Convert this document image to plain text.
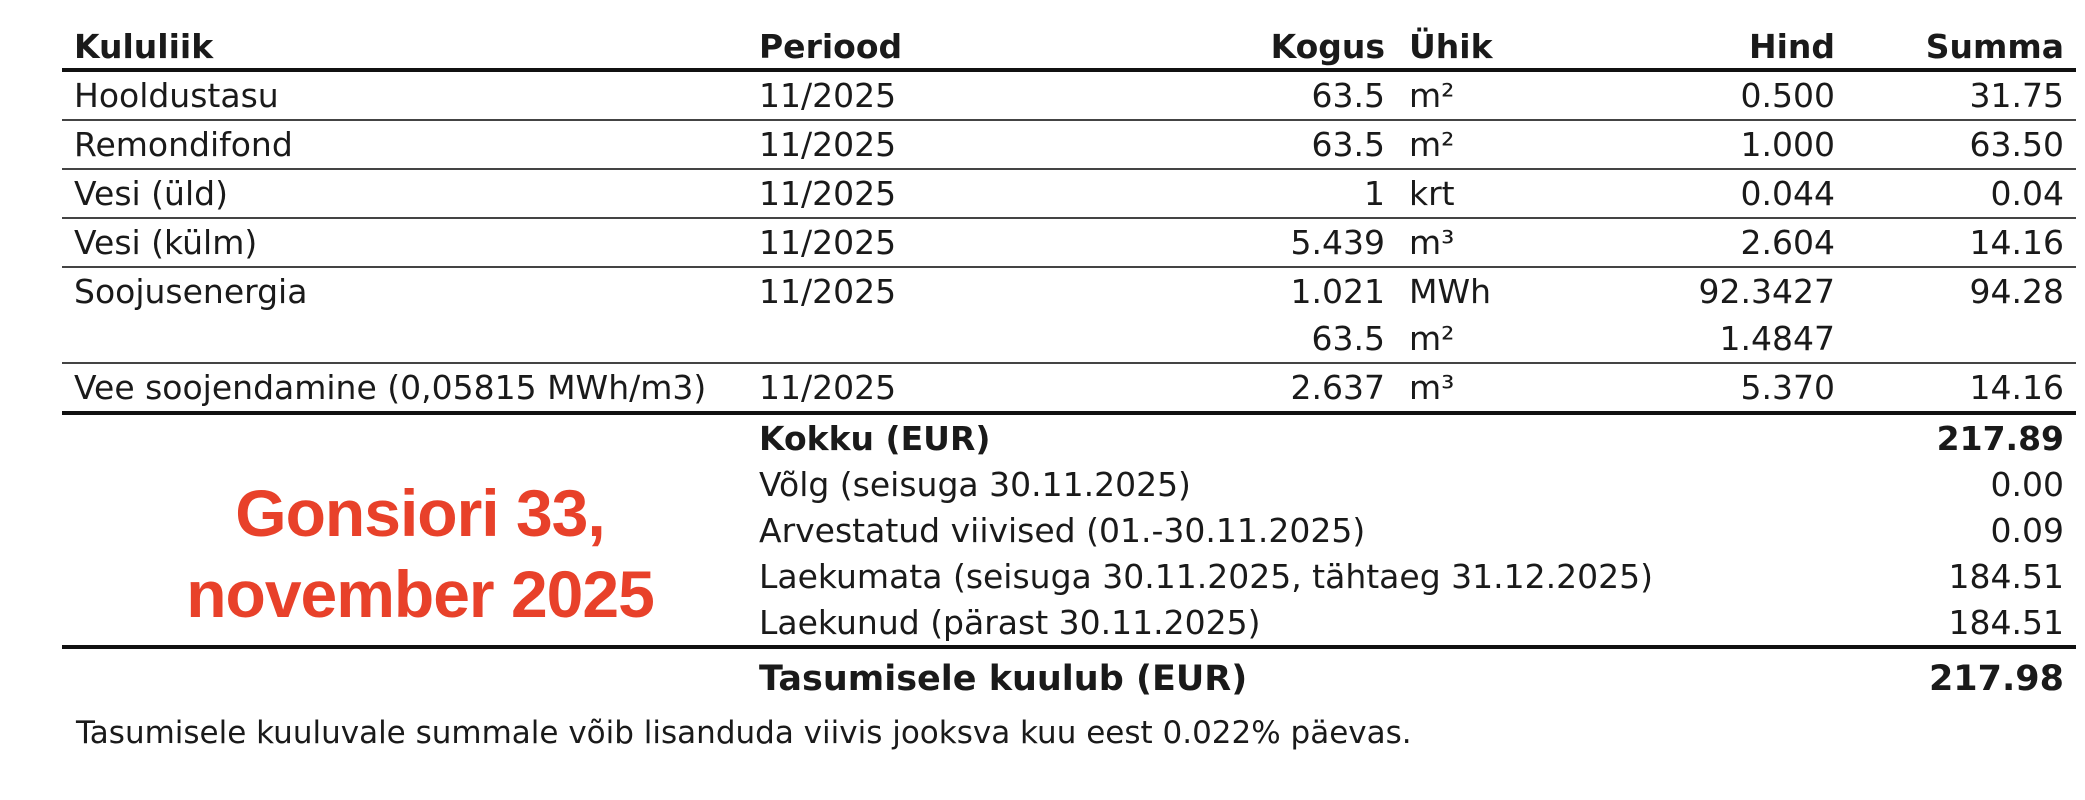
Kululiik	Periood	Kogus	Ühik	Hind	Summa
Hooldustasu	11/2025	63.5	m²	0.500	31.75
Remondifond	11/2025	63.5	m²	1.000	63.50
Vesi (üld)	11/2025	1	krt	0.044	0.04
Vesi (külm)	11/2025	5.439	m³	2.604	14.16
Soojusenergia	11/2025	1.021	MWh	92.3427	94.28
		63.5	m²	1.4847	
Vee soojendamine (0,05815 MWh/m3)	11/2025	2.637	m³	5.370	14.16
	Kokku (EUR)				217.89
	Võlg (seisuga 30.11.2025)				0.00
	Arvestatud viivised (01.-30.11.2025)				0.09
	Laekumata (seisuga 30.11.2025, tähtaeg 31.12.2025)				184.51
	Laekunud (pärast 30.11.2025)				184.51
	Tasumisele kuulub (EUR)				217.98
Gonsiori 33,
november 2025
Tasumisele kuuluvale summale võib lisanduda viivis jooksva kuu eest 0.022% päevas.
